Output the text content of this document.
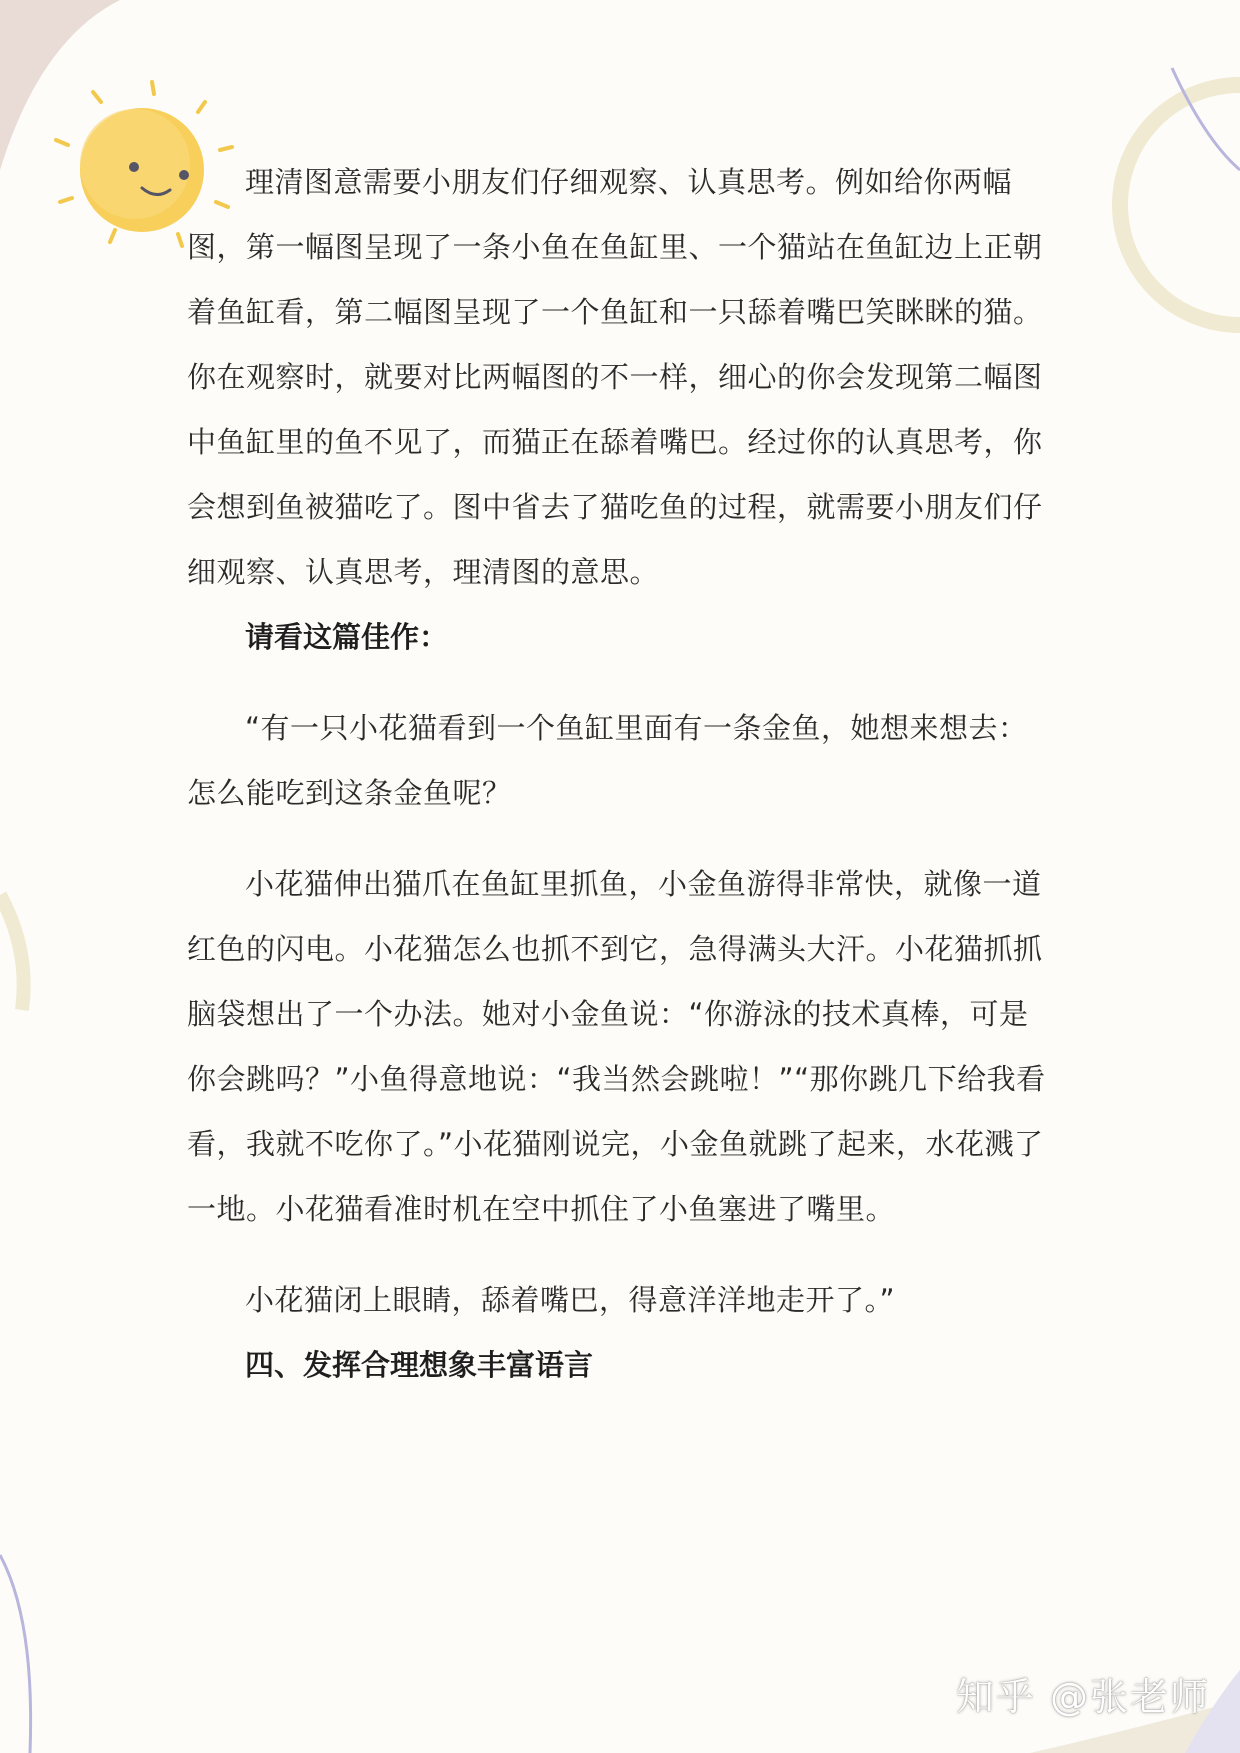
理清图意需要小朋友们仔细观察、认真思考。例如给你两幅图，第一幅图呈现了一条小鱼在鱼缸里、一个猫站在鱼缸边上正朝着鱼缸看，第二幅图呈现了一个鱼缸和一只舔着嘴巴笑眯眯的猫。你在观察时，就要对比两幅图的不一样，细心的你会发现第二幅图中鱼缸里的鱼不见了，而猫正在舔着嘴巴。经过你的认真思考，你会想到鱼被猫吃了。图中省去了猫吃鱼的过程，就需要小朋友们仔细观察、认真思考，理清图的意思。

请看这篇佳作：

“有一只小花猫看到一个鱼缸里面有一条金鱼，她想来想去：怎么能吃到这条金鱼呢？

小花猫伸出猫爪在鱼缸里抓鱼，小金鱼游得非常快，就像一道红色的闪电。小花猫怎么也抓不到它，急得满头大汗。小花猫抓抓脑袋想出了一个办法。她对小金鱼说：“你游泳的技术真棒，可是你会跳吗？”小鱼得意地说：“我当然会跳啦！”“那你跳几下给我看看，我就不吃你了。”小花猫刚说完，小金鱼就跳了起来，水花溅了一地。小花猫看准时机在空中抓住了小鱼塞进了嘴里。

小花猫闭上眼睛，舔着嘴巴，得意洋洋地走开了。”

四、发挥合理想象丰富语言

知乎 @张老师
